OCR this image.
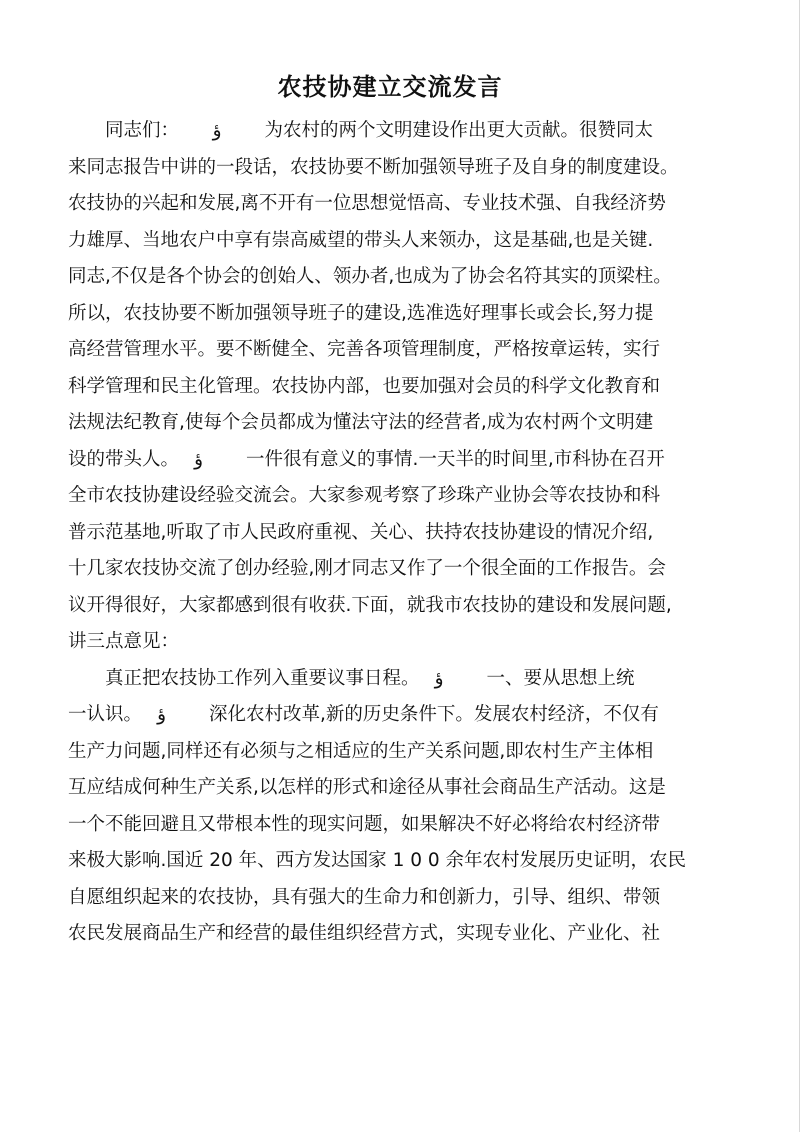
农技协建立交流发言
　　同志们：　　 ؤ 　　为农村的两个文明建设作出更大贡献。很赞同太
来同志报告中讲的一段话，农技协要不断加强领导班子及自身的制度建设。
农技协的兴起和发展,离不开有一位思想觉悟高、专业技术强、自我经济势
力雄厚、当地农户中享有崇高威望的带头人来领办，这是基础,也是关键.
同志,不仅是各个协会的创始人、领办者,也成为了协会名符其实的顶梁柱。
所以，农技协要不断加强领导班子的建设,选准选好理事长或会长,努力提
高经营管理水平。要不断健全、完善各项管理制度，严格按章运转，实行
科学管理和民主化管理。农技协内部，也要加强对会员的科学文化教育和
法规法纪教育,使每个会员都成为懂法守法的经营者,成为农村两个文明建
设的带头人。　 ؤ 　　一件很有意义的事情.一天半的时间里,市科协在召开
全市农技协建设经验交流会。大家参观考察了珍珠产业协会等农技协和科
普示范基地,听取了市人民政府重视、关心、扶持农技协建设的情况介绍,
十几家农技协交流了创办经验,刚才同志又作了一个很全面的工作报告。会
议开得很好，大家都感到很有收获.下面，就我市农技协的建设和发展问题,
讲三点意见：
　　真正把农技协工作列入重要议事日程。　 ؤ 　　一、要从思想上统
一认识。　 ؤ 　　深化农村改革,新的历史条件下。发展农村经济，不仅有
生产力问题,同样还有必须与之相适应的生产关系问题,即农村生产主体相
互应结成何种生产关系,以怎样的形式和途径从事社会商品生产活动。这是
一个不能回避且又带根本性的现实问题，如果解决不好必将给农村经济带
来极大影响.国近 20 年、西方发达国家 1 0 0 余年农村发展历史证明，农民
自愿组织起来的农技协，具有强大的生命力和创新力，引导、组织、带领
农民发展商品生产和经营的最佳组织经营方式，实现专业化、产业化、社
